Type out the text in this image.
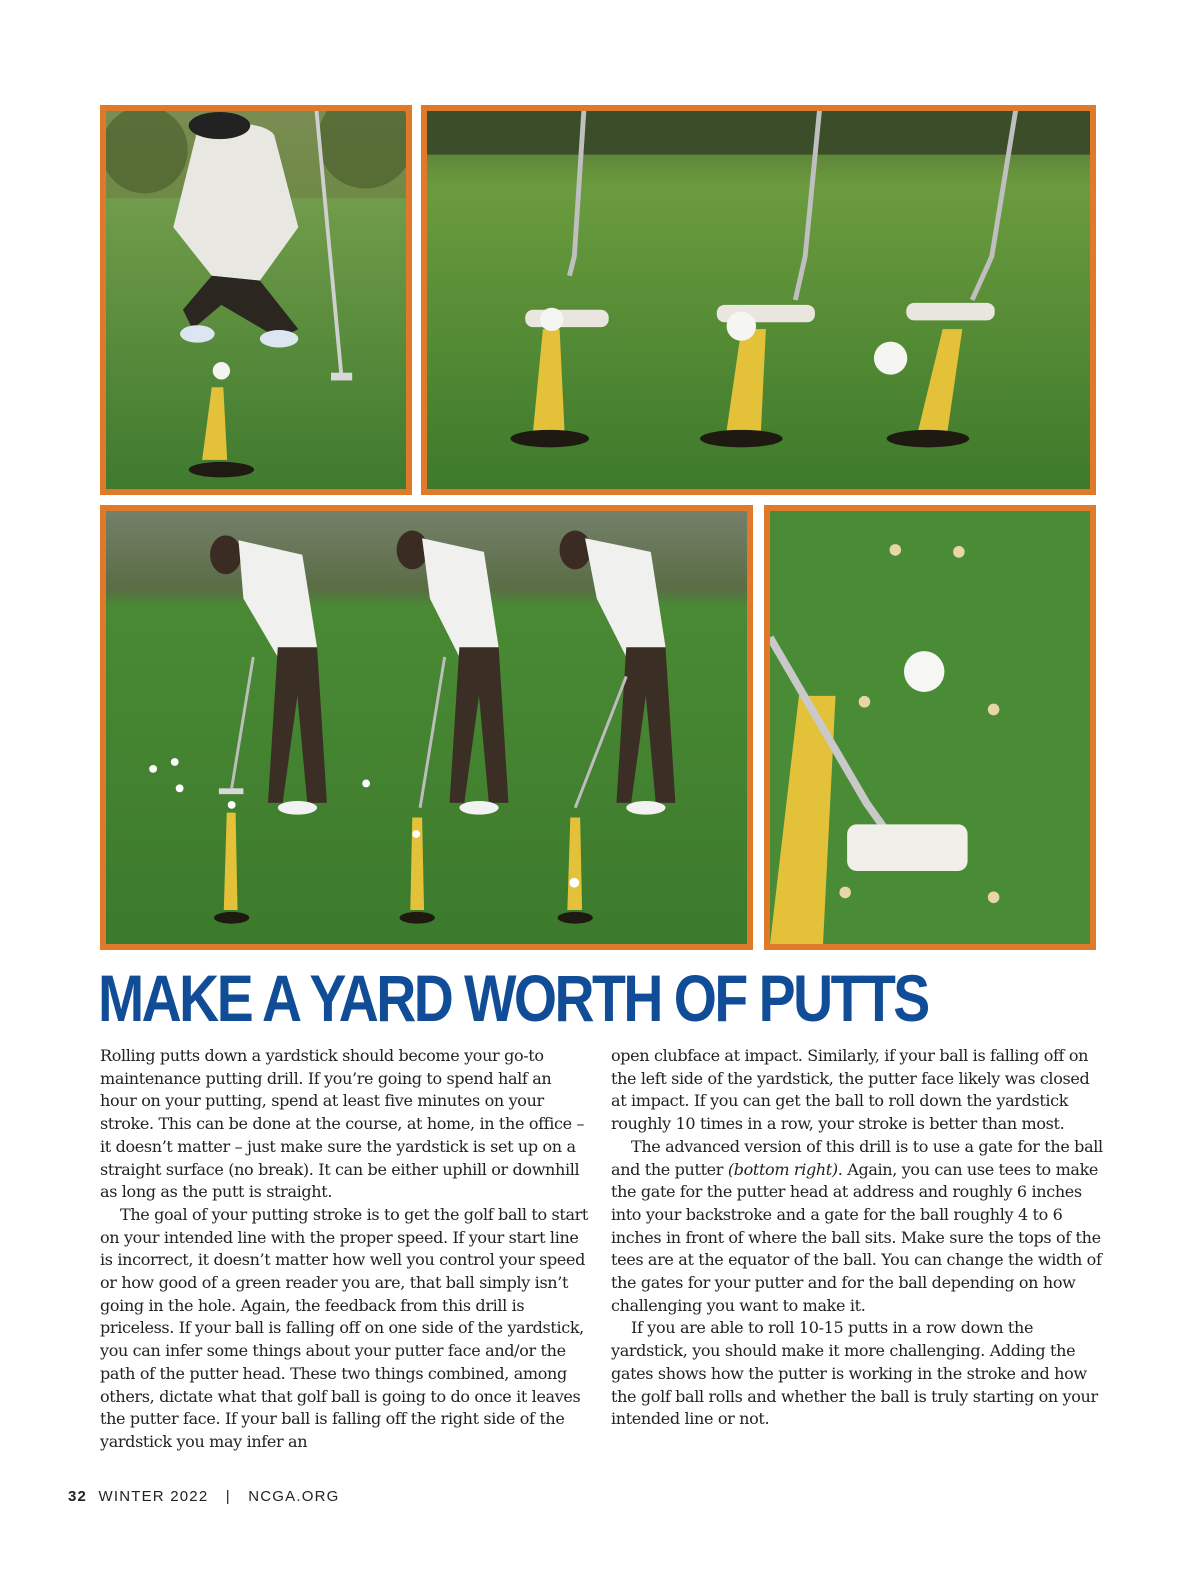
MAKE A YARD WORTH OF PUTTS

Rolling putts down a yardstick should become your go-to maintenance putting drill. If you’re going to spend half an hour on your putting, spend at least five minutes on your stroke. This can be done at the course, at home, in the office – it doesn’t matter – just make sure the yardstick is set up on a straight surface (no break). It can be either uphill or downhill as long as the putt is straight.

The goal of your putting stroke is to get the golf ball to start on your intended line with the proper speed. If your start line is incorrect, it doesn’t matter how well you control your speed or how good of a green reader you are, that ball simply isn’t going in the hole. Again, the feedback from this drill is priceless. If your ball is falling off on one side of the yardstick, you can infer some things about your putter face and/or the path of the putter head. These two things combined, among others, dictate what that golf ball is going to do once it leaves the putter face. If your ball is falling off the right side of the yardstick you may infer an

open clubface at impact. Similarly, if your ball is falling off on the left side of the yardstick, the putter face likely was closed at impact. If you can get the ball to roll down the yardstick roughly 10 times in a row, your stroke is better than most.

The advanced version of this drill is to use a gate for the ball and the putter (bottom right). Again, you can use tees to make the gate for the putter head at address and roughly 6 inches into your backstroke and a gate for the ball roughly 4 to 6 inches in front of where the ball sits. Make sure the tops of the tees are at the equator of the ball. You can change the width of the gates for your putter and for the ball depending on how challenging you want to make it.

If you are able to roll 10-15 putts in a row down the yardstick, you should make it more challenging. Adding the gates shows how the putter is working in the stroke and how the golf ball rolls and whether the ball is truly starting on your intended line or not.

32 WINTER 2022 | NCGA.ORG
